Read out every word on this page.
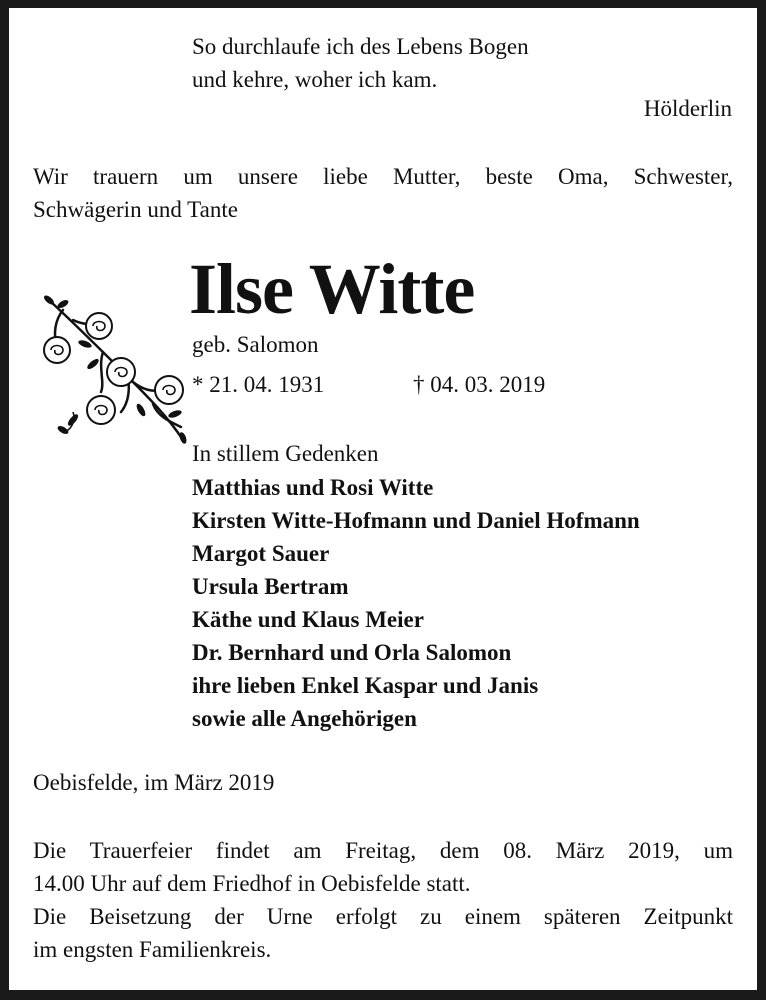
So durchlaufe ich des Lebens Bogen
und kehre, woher ich kam.
Hölderlin
Wir trauern um unsere liebe Mutter, beste Oma, Schwester,
Schwägerin und Tante
Ilse Witte
geb. Salomon
* 21. 04. 1931	† 04. 03. 2019
In stillem Gedenken
Matthias und Rosi Witte
Kirsten Witte-Hofmann und Daniel Hofmann
Margot Sauer
Ursula Bertram
Käthe und Klaus Meier
Dr. Bernhard und Orla Salomon
ihre lieben Enkel Kaspar und Janis
sowie alle Angehörigen
Oebisfelde, im März 2019
Die Trauerfeier findet am Freitag, dem 08. März 2019, um
14.00 Uhr auf dem Friedhof in Oebisfelde statt.
Die Beisetzung der Urne erfolgt zu einem späteren Zeitpunkt
im engsten Familienkreis.
